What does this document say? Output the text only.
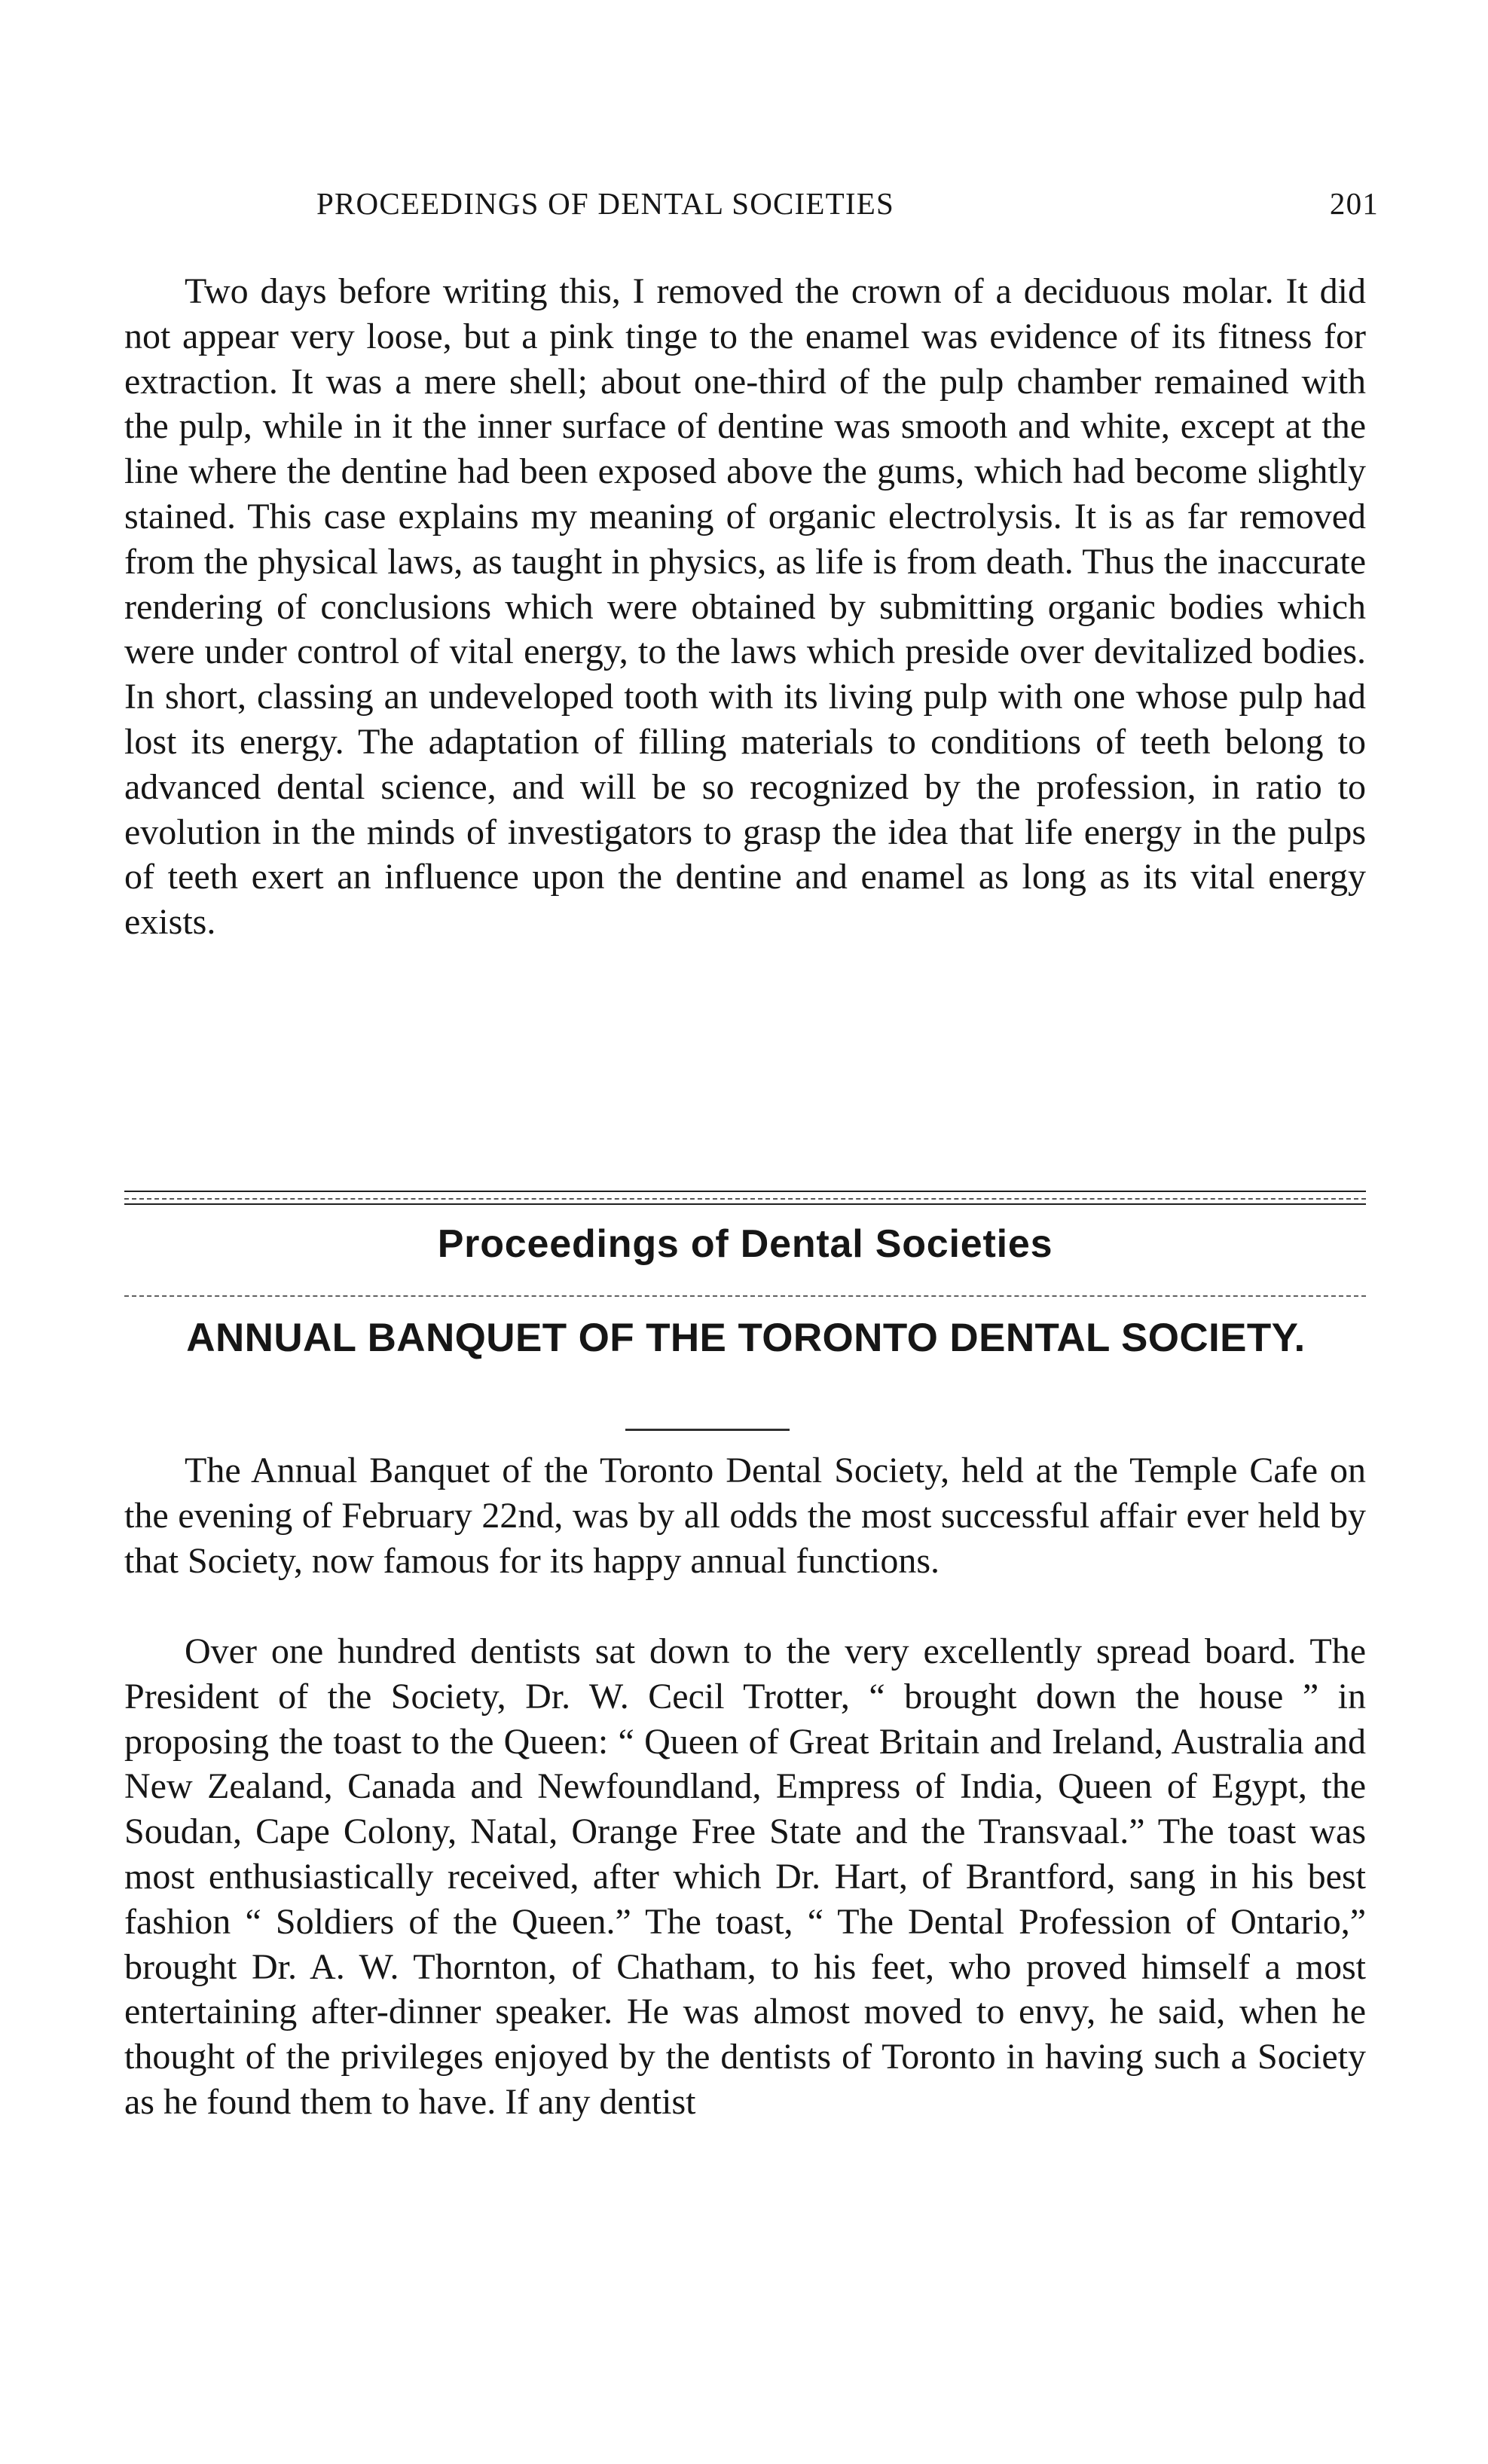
PROCEEDINGS OF DENTAL SOCIETIES	201

Two days before writing this, I removed the crown of a deciduous molar. It did not appear very loose, but a pink tinge to the enamel was evidence of its fitness for extraction. It was a mere shell; about one-third of the pulp chamber remained with the pulp, while in it the inner surface of dentine was smooth and white, except at the line where the dentine had been exposed above the gums, which had become slightly stained. This case explains my meaning of organic electrolysis. It is as far removed from the physical laws, as taught in physics, as life is from death. Thus the inaccurate rendering of conclusions which were obtained by submitting organic bodies which were under control of vital energy, to the laws which preside over devitalized bodies. In short, classing an undeveloped tooth with its living pulp with one whose pulp had lost its energy. The adaptation of filling materials to conditions of teeth belong to advanced dental science, and will be so recognized by the profession, in ratio to evolution in the minds of investigators to grasp the idea that life energy in the pulps of teeth exert an influence upon the dentine and enamel as long as its vital energy exists.

Proceedings of Dental Societies
ANNUAL BANQUET OF THE TORONTO DENTAL SOCIETY.

The Annual Banquet of the Toronto Dental Society, held at the Temple Cafe on the evening of February 22nd, was by all odds the most successful affair ever held by that Society, now famous for its happy annual functions.

Over one hundred dentists sat down to the very excellently spread board. The President of the Society, Dr. W. Cecil Trotter, “ brought down the house ” in proposing the toast to the Queen: “ Queen of Great Britain and Ireland, Australia and New Zealand, Canada and Newfoundland, Empress of India, Queen of Egypt, the Soudan, Cape Colony, Natal, Orange Free State and the Transvaal.” The toast was most enthusiastically received, after which Dr. Hart, of Brantford, sang in his best fashion “ Soldiers of the Queen.” The toast, “ The Dental Profession of Ontario,” brought Dr. A. W. Thornton, of Chatham, to his feet, who proved himself a most entertaining after-dinner speaker. He was almost moved to envy, he said, when he thought of the privileges enjoyed by the dentists of Toronto in having such a Society as he found them to have. If any dentist
